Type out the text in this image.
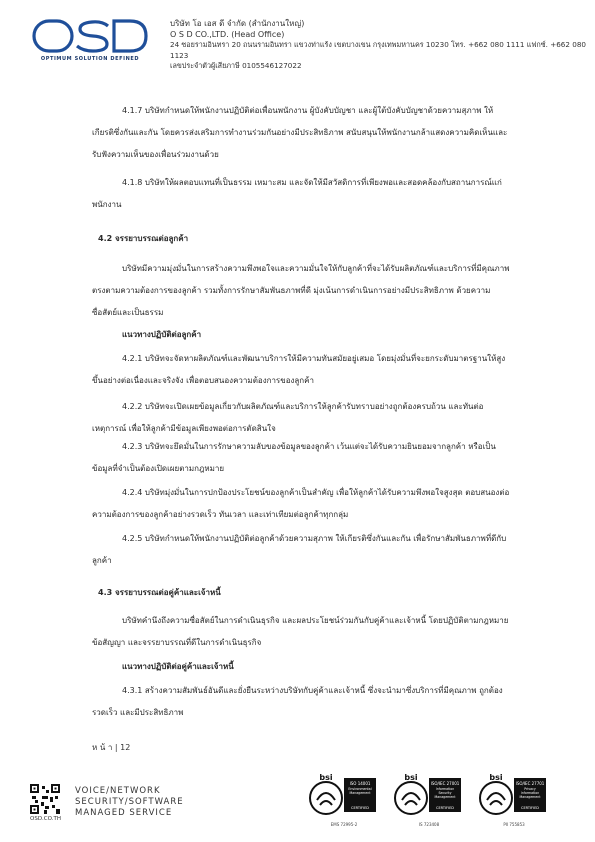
OPTIMUM SOLUTION DEFINED
บริษัท โอ เอส ดี จำกัด (สำนักงานใหญ่)
O S D CO.,LTD. (Head Office)
24 ซอยรามอินทรา 20 ถนนรามอินทรา แขวงท่าแร้ง เขตบางเขน กรุงเทพมหานคร 10230 โทร. +662 080 1111 แฟกซ์. +662 080 1123
เลขประจำตัวผู้เสียภาษี 0105546127022
4.1.7 บริษัทกำหนดให้พนักงานปฏิบัติต่อเพื่อนพนักงาน ผู้บังคับบัญชา และผู้ใต้บังคับบัญชาด้วยความสุภาพ ให้เกียรติซึ่งกันและกัน โดยควรส่งเสริมการทำงานร่วมกันอย่างมีประสิทธิภาพ สนับสนุนให้พนักงานกล้าแสดงความคิดเห็นและรับฟังความเห็นของเพื่อนร่วมงานด้วย
4.1.8 บริษัทให้ผลตอบแทนที่เป็นธรรม เหมาะสม และจัดให้มีสวัสดิการที่เพียงพอและสอดคล้องกับสถานการณ์แก่พนักงาน
4.2 จรรยาบรรณต่อลูกค้า
บริษัทมีความมุ่งมั่นในการสร้างความพึงพอใจและความมั่นใจให้กับลูกค้าที่จะได้รับผลิตภัณฑ์และบริการที่มีคุณภาพ ตรงตามความต้องการของลูกค้า รวมทั้งการรักษาสัมพันธภาพที่ดี มุ่งเน้นการดำเนินการอย่างมีประสิทธิภาพ ด้วยความซื่อสัตย์และเป็นธรรม
แนวทางปฏิบัติต่อลูกค้า
4.2.1 บริษัทจะจัดหาผลิตภัณฑ์และพัฒนาบริการให้มีความทันสมัยอยู่เสมอ โดยมุ่งมั่นที่จะยกระดับมาตรฐานให้สูงขึ้นอย่างต่อเนื่องและจริงจัง เพื่อตอบสนองความต้องการของลูกค้า
4.2.2 บริษัทจะเปิดเผยข้อมูลเกี่ยวกับผลิตภัณฑ์และบริการให้ลูกค้ารับทราบอย่างถูกต้องครบถ้วน และทันต่อเหตุการณ์ เพื่อให้ลูกค้ามีข้อมูลเพียงพอต่อการตัดสินใจ
4.2.3 บริษัทจะยึดมั่นในการรักษาความลับของข้อมูลของลูกค้า เว้นแต่จะได้รับความยินยอมจากลูกค้า หรือเป็นข้อมูลที่จำเป็นต้องเปิดเผยตามกฎหมาย
4.2.4 บริษัทมุ่งมั่นในการปกป้องประโยชน์ของลูกค้าเป็นสำคัญ เพื่อให้ลูกค้าได้รับความพึงพอใจสูงสุด ตอบสนองต่อความต้องการของลูกค้าอย่างรวดเร็ว ทันเวลา และเท่าเทียมต่อลูกค้าทุกกลุ่ม
4.2.5 บริษัทกำหนดให้พนักงานปฏิบัติต่อลูกค้าด้วยความสุภาพ ให้เกียรติซึ่งกันและกัน เพื่อรักษาสัมพันธภาพที่ดีกับลูกค้า
4.3 จรรยาบรรณต่อคู่ค้าและเจ้าหนี้
บริษัทคำนึงถึงความซื่อสัตย์ในการดำเนินธุรกิจ และผลประโยชน์ร่วมกันกับคู่ค้าและเจ้าหนี้ โดยปฏิบัติตามกฎหมาย ข้อสัญญา และจรรยาบรรณที่ดีในการดำเนินธุรกิจ
แนวทางปฏิบัติต่อคู่ค้าและเจ้าหนี้
4.3.1 สร้างความสัมพันธ์อันดีและยั่งยืนระหว่างบริษัทกับคู่ค้าและเจ้าหนี้ ซึ่งจะนำมาซึ่งบริการที่มีคุณภาพ ถูกต้อง รวดเร็ว และมีประสิทธิภาพ
ห น้ า | 12
OSD.CO.TH
VOICE/NETWORK
SECURITY/SOFTWARE
MANAGED SERVICE
bsi
ISO 14001
Environmental Management
CERTIFIED
EMS 72995-2
bsi
ISO/IEC 27001
Information Security Management
CERTIFIED
IS 723408
bsi
ISO/IEC 27701
Privacy Information Management
CERTIFIED
PII 755853
